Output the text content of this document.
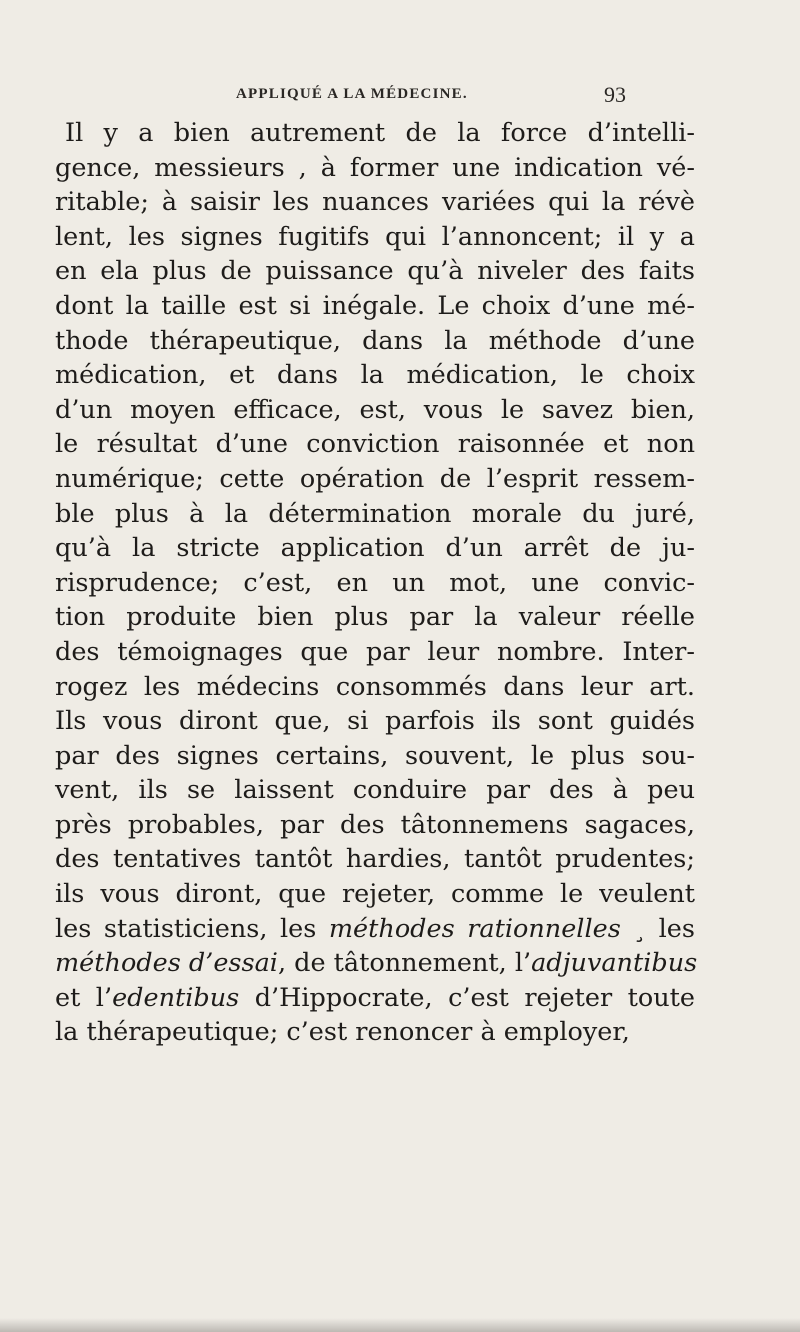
APPLIQUÉ A LA MÉDECINE.	93
Il y a bien autrement de la force d’intelli-
gence, messieurs , à former une indication vé-
ritable; à saisir les nuances variées qui la révè
lent, les signes fugitifs qui l’annoncent; il y a
en ela plus de puissance qu’à niveler des faits
dont la taille est si inégale. Le choix d’une mé-
thode thérapeutique, dans la méthode d’une
médication, et dans la médication, le choix
d’un moyen efficace, est, vous le savez bien,
le résultat d’une conviction raisonnée et non
numérique; cette opération de l’esprit ressem-
ble plus à la détermination morale du juré,
qu’à la stricte application d’un arrêt de ju-
risprudence; c’est, en un mot, une convic-
tion produite bien plus par la valeur réelle
des témoignages que par leur nombre. Inter-
rogez les médecins consommés dans leur art.
Ils vous diront que, si parfois ils sont guidés
par des signes certains, souvent, le plus sou-
vent, ils se laissent conduire par des à peu
près probables, par des tâtonnemens sagaces,
des tentatives tantôt hardies, tantôt prudentes;
ils vous diront, que rejeter, comme le veulent
les statisticiens, les méthodes rationnelles ¸ les
méthodes d’essai, de tâtonnement, l’adjuvantibus
et l’edentibus d’Hippocrate, c’est rejeter toute
la thérapeutique; c’est renoncer à employer,
